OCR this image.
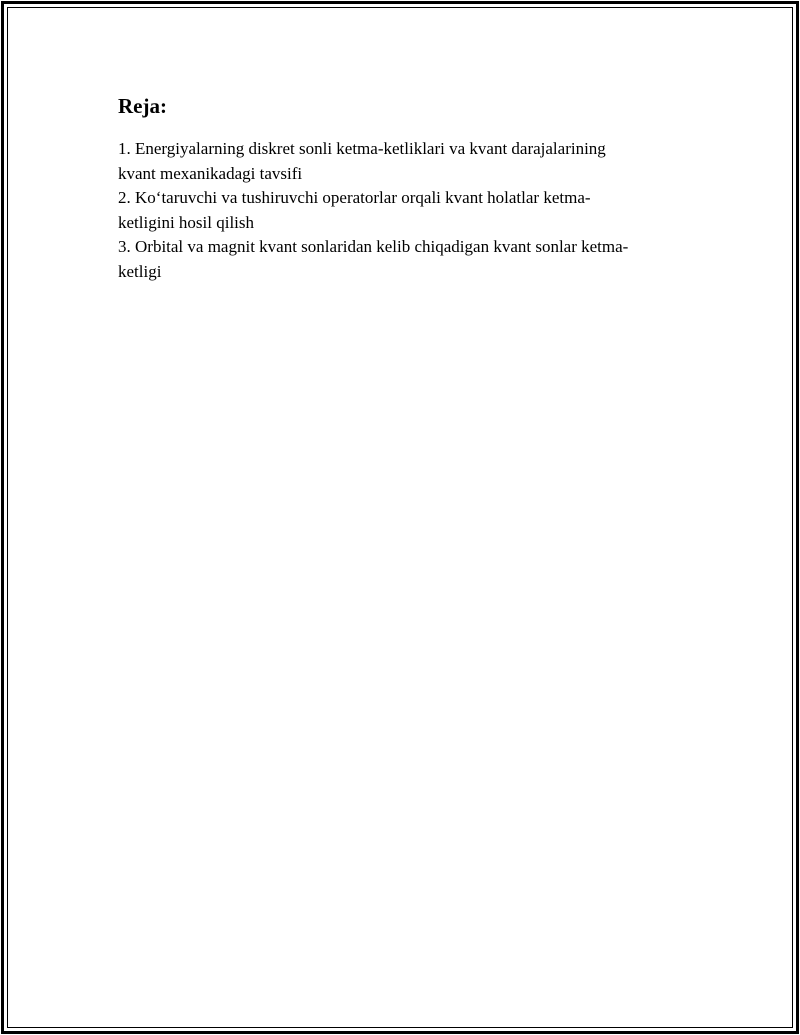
Reja:
1. Energiyalarning diskret sonli ketma-ketliklari va kvant darajalarining
kvant mexanikadagi tavsifi
2. Ko‘taruvchi va tushiruvchi operatorlar orqali kvant holatlar ketma-
ketligini hosil qilish
3. Orbital va magnit kvant sonlaridan kelib chiqadigan kvant sonlar ketma-
ketligi
